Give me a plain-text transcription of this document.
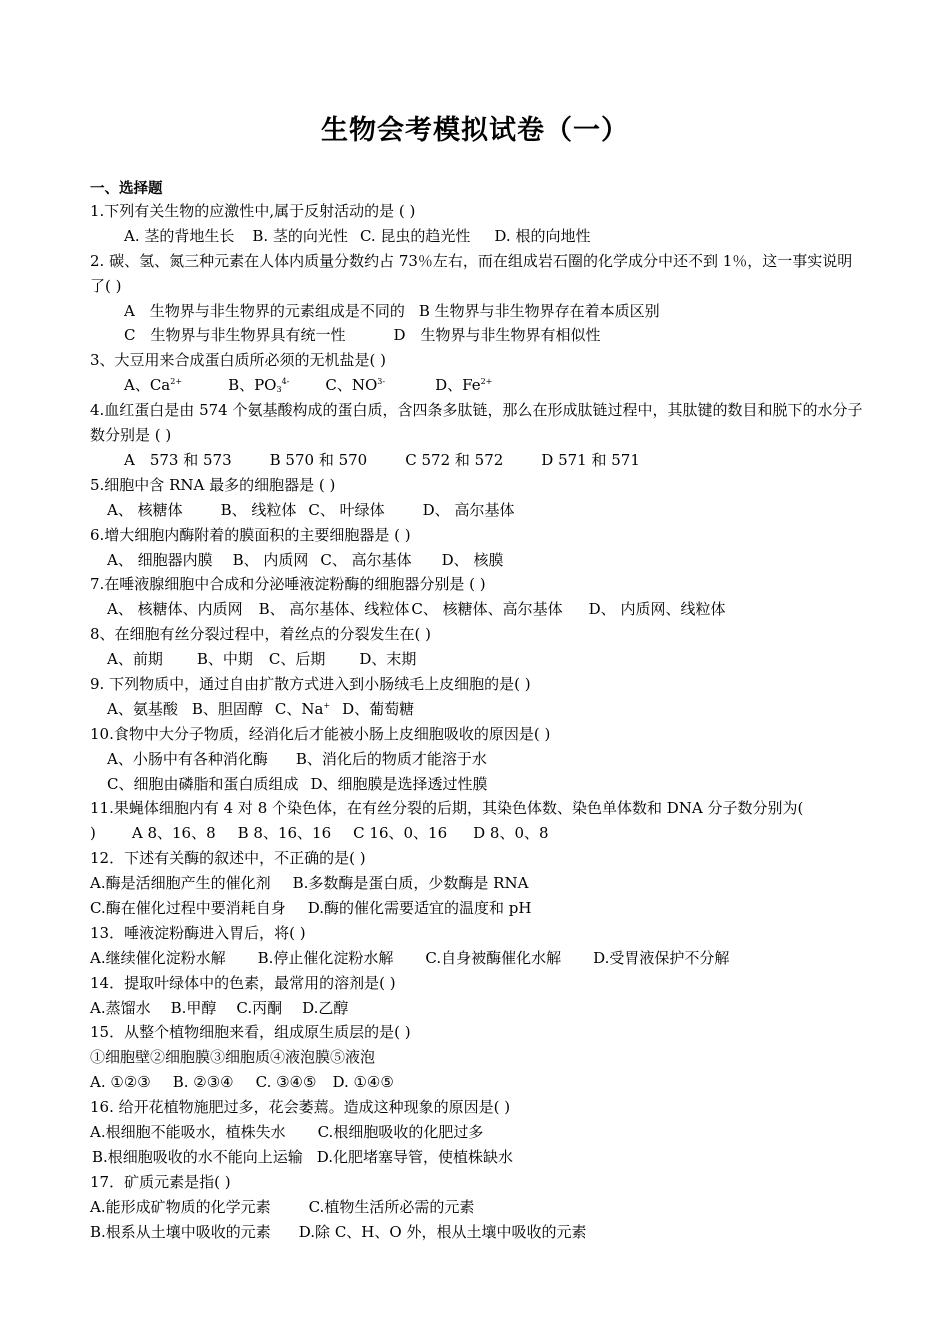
生物会考模拟试卷（一）
一、选择题
1.下列有关生物的应激性中,属于反射活动的是 ( )
A. 茎的背地生长 B. 茎的向光性 C. 昆虫的趋光性 D. 根的向地性
2. 碳、氢、氮三种元素在人体内质量分数约占 73％左右，而在组成岩石圈的化学成分中还不到 1％，这一事实说明了( )
A　生物界与非生物界的元素组成是不同的 B 生物界与非生物界存在着本质区别
C　生物界与非生物界具有统一性	D　生物界与非生物界有相似性
3、大豆用来合成蛋白质所必须的无机盐是( )
A、$Ca^{2+}$	B、$PO_3^{4-}$ C、$NO^{3-}$	D、$Fe^{2+}$
4.血红蛋白是由 574 个氨基酸构成的蛋白质，含四条多肽链，那么在形成肽链过程中，其肽键的数目和脱下的水分子数分别是 ( )
A　573 和 573	B 570 和 570	C 572 和 572	D 571 和 571
5.细胞中含 RNA 最多的细胞器是 ( )
A、 核糖体	B、 线粒体 C、 叶绿体	D、 高尔基体
6.增大细胞内酶附着的膜面积的主要细胞器是 ( )
A、 细胞器内膜 B、 内质网 C、 高尔基体 D、 核膜
7.在唾液腺细胞中合成和分泌唾液淀粉酶的细胞器分别是 ( )
A、 核糖体、内质网 B、 高尔基体、线粒体 C、 核糖体、高尔基体 D、 内质网、线粒体
8、在细胞有丝分裂过程中，着丝点的分裂发生在( )
A、前期 B、中期 C、后期 D、末期
9. 下列物质中，通过自由扩散方式进入到小肠绒毛上皮细胞的是( )
A、氨基酸 B、胆固醇 C、Na+ D、葡萄糖
10.食物中大分子物质，经消化后才能被小肠上皮细胞吸收的原因是( )
A、小肠中有各种消化酶 B、消化后的物质才能溶于水
C、细胞由磷脂和蛋白质组成 D、细胞膜是选择透过性膜
11.果蝇体细胞内有 4 对 8 个染色体，在有丝分裂的后期，其染色体数、染色单体数和 DNA 分子数分别为(
) A 8、16、8 B 8、16、16 C 16、0、16 D 8、0、8
12．下述有关酶的叙述中，不正确的是( )
A.酶是活细胞产生的催化剂 B.多数酶是蛋白质，少数酶是 RNA
C.酶在催化过程中要消耗自身 D.酶的催化需要适宜的温度和 pH
13．唾液淀粉酶进入胃后，将( )
A.继续催化淀粉水解 B.停止催化淀粉水解 C.自身被酶催化水解 D.受胃液保护不分解
14．提取叶绿体中的色素，最常用的溶剂是( )
A.蒸馏水 B.甲醇 C.丙酮 D.乙醇
15．从整个植物细胞来看，组成原生质层的是( )
①细胞壁②细胞膜③细胞质④液泡膜⑤液泡
A. ①②③ B. ②③④ C. ③④⑤ D. ①④⑤
16. 给开花植物施肥过多，花会萎蔫。造成这种现象的原因是( )
A.根细胞不能吸水，植株失水 C.根细胞吸收的化肥过多
B.根细胞吸收的水不能向上运输 D.化肥堵塞导管，使植株缺水
17．矿质元素是指( )
A.能形成矿物质的化学元素	C.植物生活所必需的元素
B.根系从土壤中吸收的元素 D.除 C、H、O 外，根从土壤中吸收的元素
